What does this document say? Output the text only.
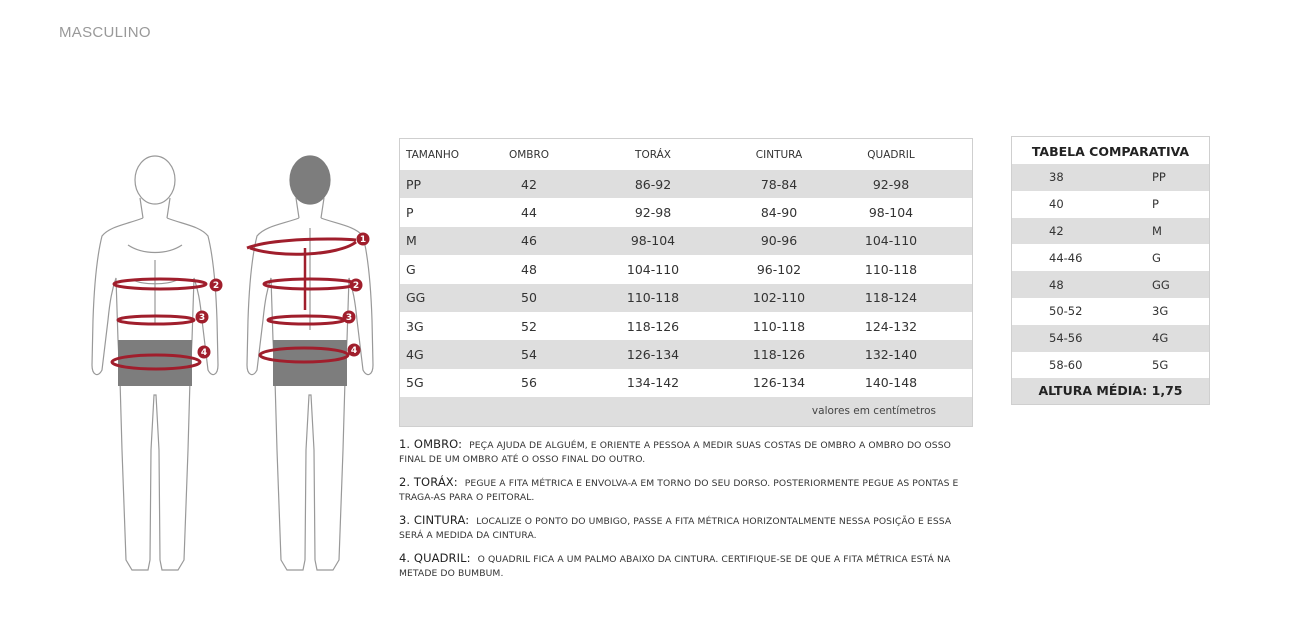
MASCULINO
1
2	2
3	3
4	4
TAMANHO	OMBRO	TORÁX	CINTURA	QUADRIL
PP	42	86-92	78-84	92-98
P	44	92-98	84-90	98-104
M	46	98-104	90-96	104-110
G	48	104-110	96-102	110-118
GG	50	110-118	102-110	118-124
3G	52	118-126	110-118	124-132
4G	54	126-134	118-126	132-140
5G	56	134-142	126-134	140-148
valores em centímetros

1. OMBRO: PEÇA AJUDA DE ALGUÉM, E ORIENTE A PESSOA A MEDIR SUAS COSTAS DE OMBRO A OMBRO DO OSSO FINAL DE UM OMBRO ATÉ O OSSO FINAL DO OUTRO.

2. TORÁX: PEGUE A FITA MÉTRICA E ENVOLVA-A EM TORNO DO SEU DORSO. POSTERIORMENTE PEGUE AS PONTAS E TRAGA-AS PARA O PEITORAL.

3. CINTURA: LOCALIZE O PONTO DO UMBIGO, PASSE A FITA MÉTRICA HORIZONTALMENTE NESSA POSIÇÃO E ESSA SERÁ A MEDIDA DA CINTURA.

4. QUADRIL: O QUADRIL FICA A UM PALMO ABAIXO DA CINTURA. CERTIFIQUE-SE DE QUE A FITA MÉTRICA ESTÁ NA METADE DO BUMBUM.

TABELA COMPARATIVA
38	PP
40	P
42	M
44-46	G
48	GG
50-52	3G
54-56	4G
58-60	5G
ALTURA MÉDIA: 1,75
